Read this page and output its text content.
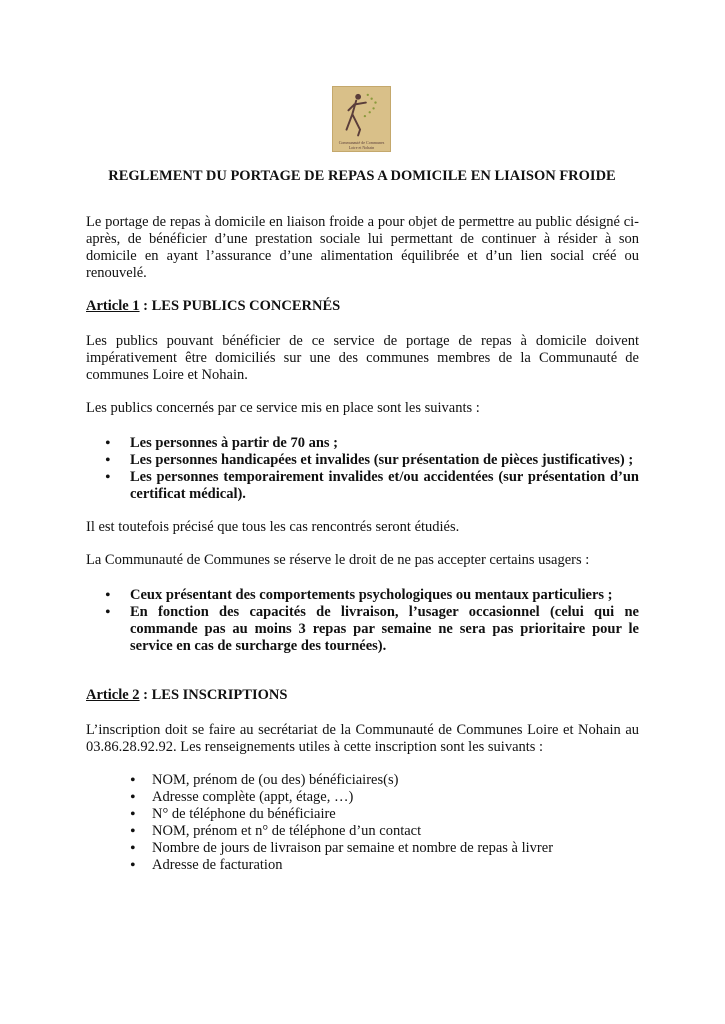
Communauté de Communes
Loire et Nohain
REGLEMENT DU PORTAGE DE REPAS A DOMICILE EN LIAISON FROIDE
Le portage de repas à domicile en liaison froide a pour objet de permettre au public désigné ci-après, de bénéficier d’une prestation sociale lui permettant de continuer à résider à son domicile en ayant l’assurance d’une alimentation équilibrée et d’un lien social créé ou renouvelé.
Article 1 : LES PUBLICS CONCERNÉS
Les publics pouvant bénéficier de ce service de portage de repas à domicile doivent impérativement être domiciliés sur une des communes membres de la Communauté de communes Loire et Nohain.
Les publics concernés par ce service mis en place sont les suivants :
• Les personnes à partir de 70 ans ;
• Les personnes handicapées et invalides (sur présentation de pièces justificatives) ;
• Les personnes temporairement invalides et/ou accidentées (sur présentation d’un certificat médical).
Il est toutefois précisé que tous les cas rencontrés seront étudiés.
La Communauté de Communes se réserve le droit de ne pas accepter certains usagers :
• Ceux présentant des comportements psychologiques ou mentaux particuliers ;
• En fonction des capacités de livraison, l’usager occasionnel (celui qui ne commande pas au moins 3 repas par semaine ne sera pas prioritaire pour le service en cas de surcharge des tournées).
Article 2 : LES INSCRIPTIONS
L’inscription doit se faire au secrétariat de la Communauté de Communes Loire et Nohain au 03.86.28.92.92. Les renseignements utiles à cette inscription sont les suivants :
• NOM, prénom de (ou des) bénéficiaires(s)
• Adresse complète (appt, étage, …)
• N° de téléphone du bénéficiaire
• NOM, prénom et n° de téléphone d’un contact
• Nombre de jours de livraison par semaine et nombre de repas à livrer
• Adresse de facturation
